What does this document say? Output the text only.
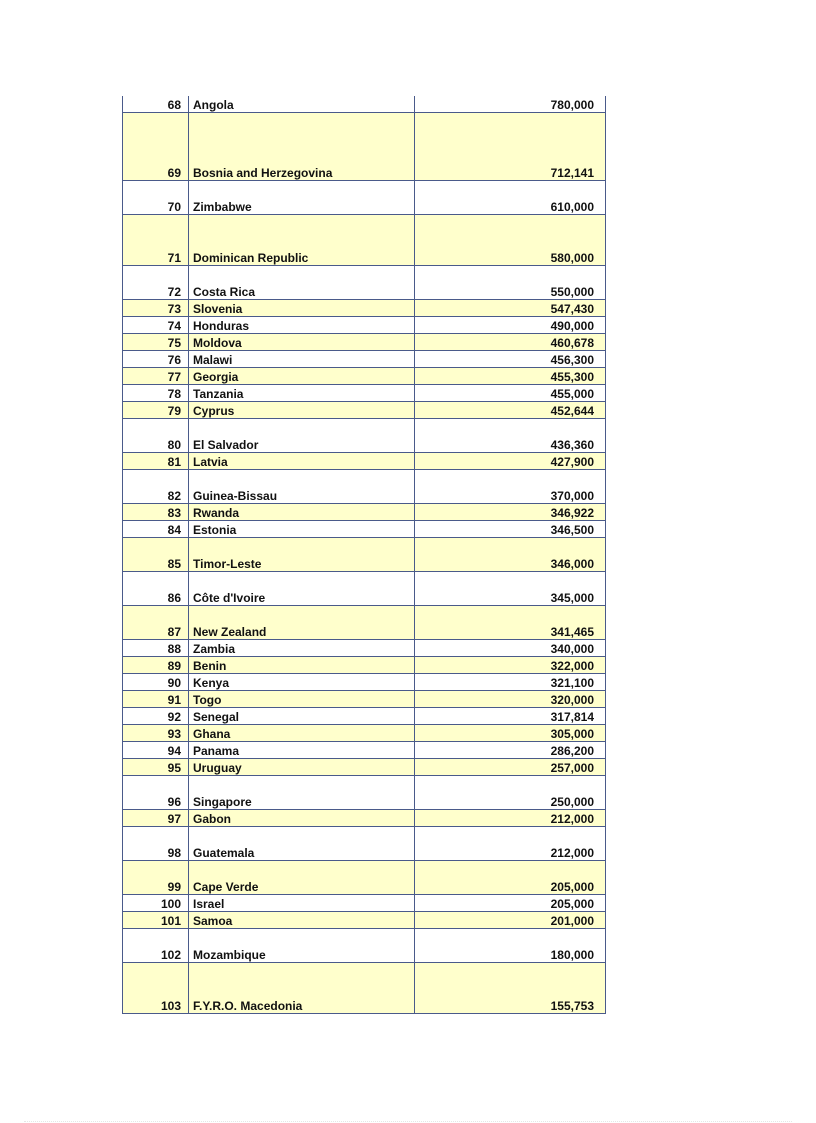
68	Angola	780,000
69	Bosnia and Herzegovina	712,141
70	Zimbabwe	610,000
71	Dominican Republic	580,000
72	Costa Rica	550,000
73	Slovenia	547,430
74	Honduras	490,000
75	Moldova	460,678
76	Malawi	456,300
77	Georgia	455,300
78	Tanzania	455,000
79	Cyprus	452,644
80	El Salvador	436,360
81	Latvia	427,900
82	Guinea-Bissau	370,000
83	Rwanda	346,922
84	Estonia	346,500
85	Timor-Leste	346,000
86	Côte d'Ivoire	345,000
87	New Zealand	341,465
88	Zambia	340,000
89	Benin	322,000
90	Kenya	321,100
91	Togo	320,000
92	Senegal	317,814
93	Ghana	305,000
94	Panama	286,200
95	Uruguay	257,000
96	Singapore	250,000
97	Gabon	212,000
98	Guatemala	212,000
99	Cape Verde	205,000
100	Israel	205,000
101	Samoa	201,000
102	Mozambique	180,000
103	F.Y.R.O. Macedonia	155,753
